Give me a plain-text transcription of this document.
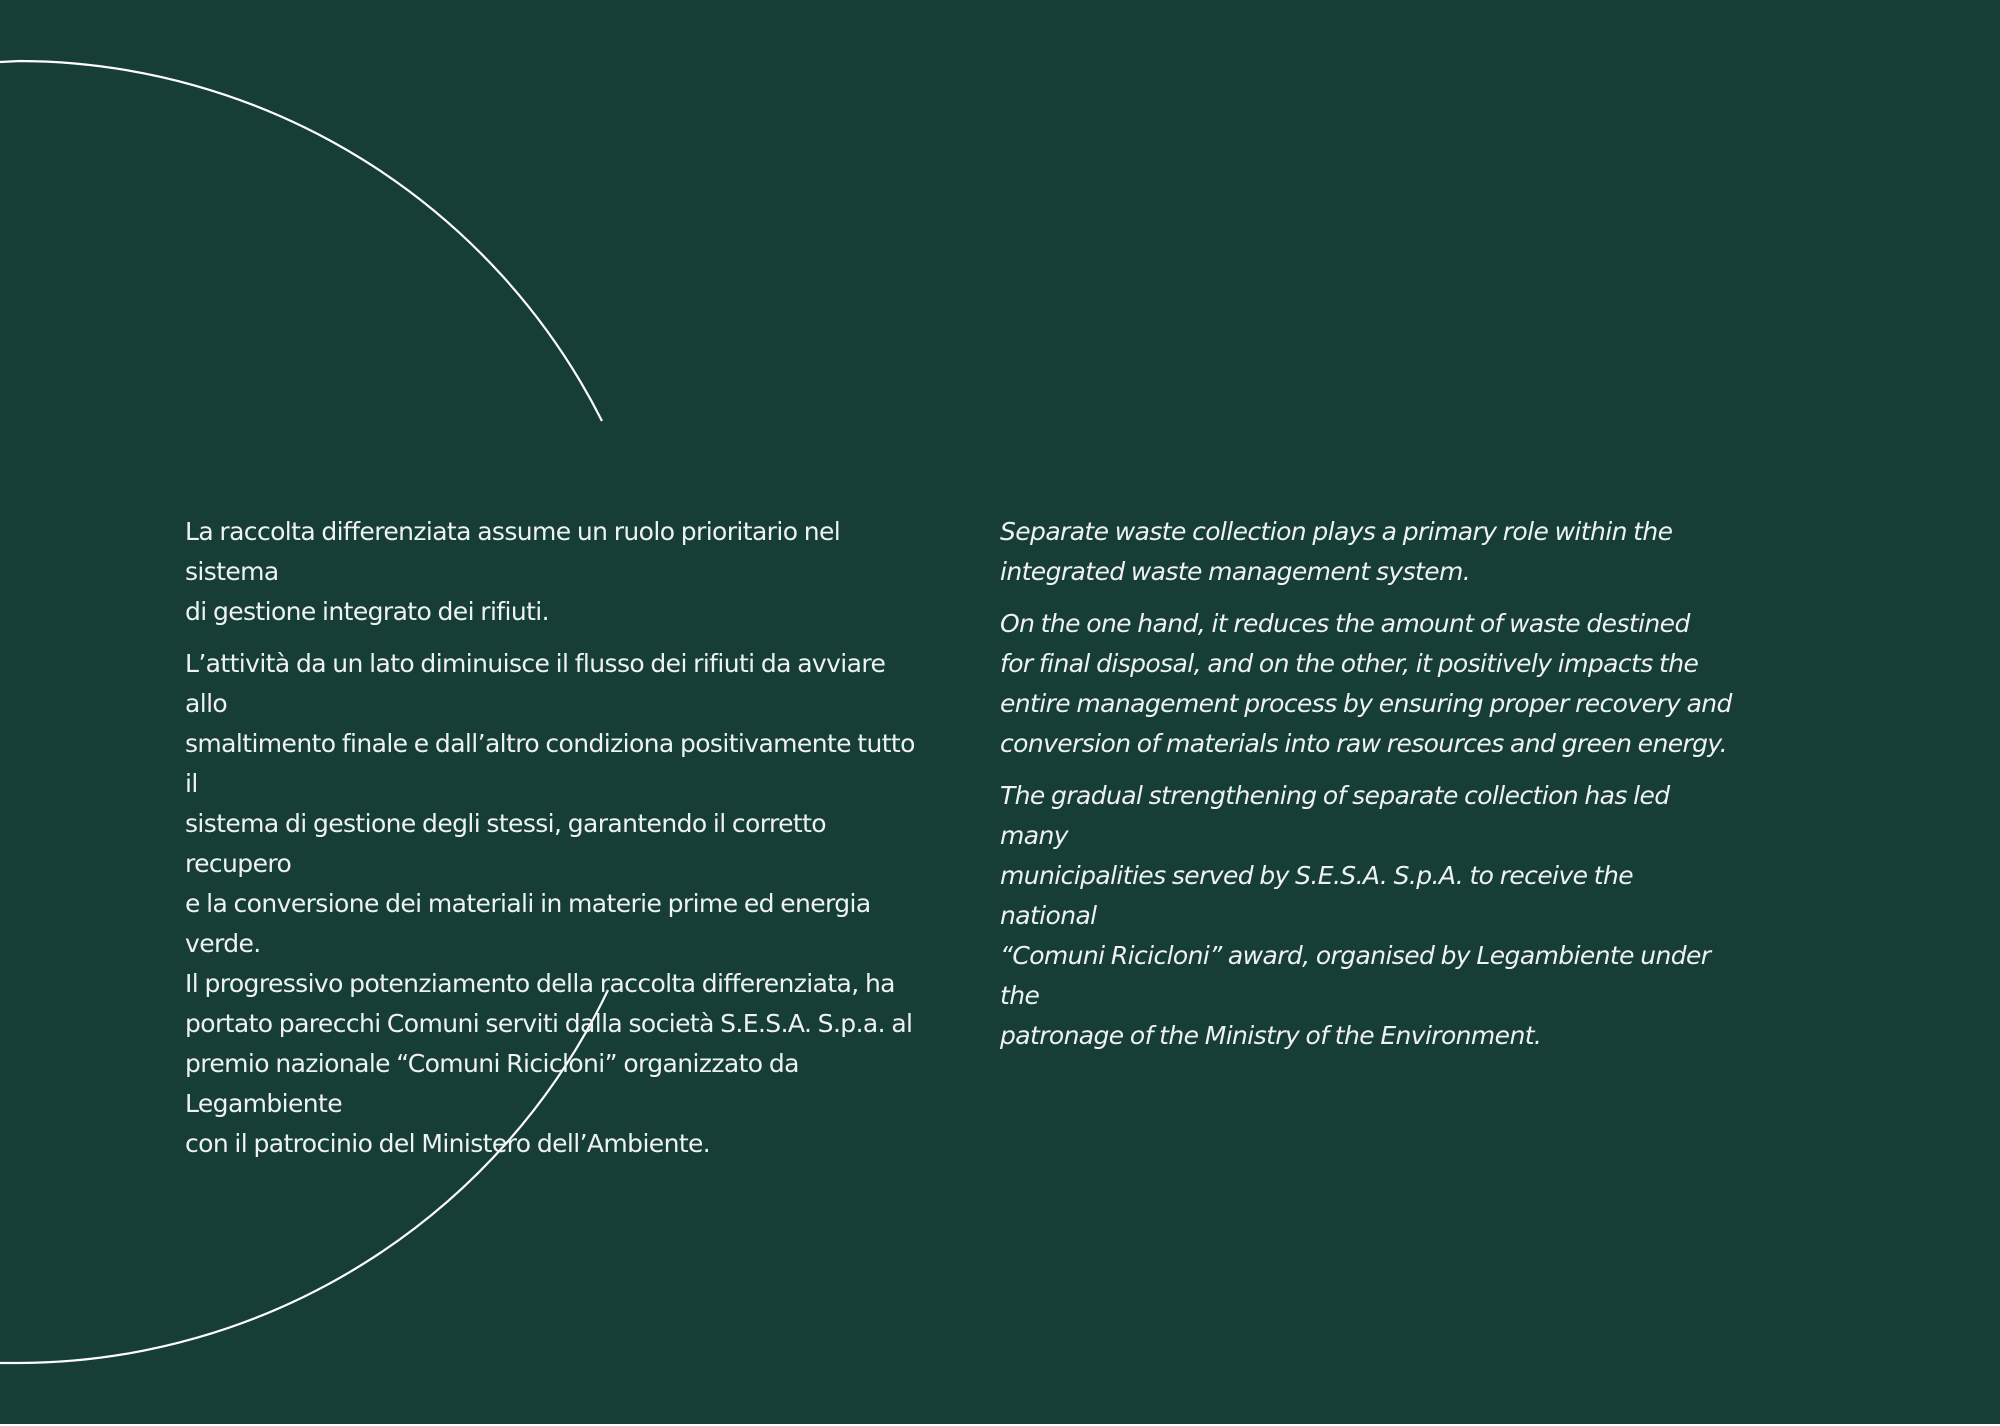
La raccolta differenziata assume un ruolo prioritario nel sistema
di gestione integrato dei rifiuti.

L’attività da un lato diminuisce il flusso dei rifiuti da avviare allo
smaltimento finale e dall’altro condiziona positivamente tutto il
sistema di gestione degli stessi, garantendo il corretto recupero
e la conversione dei materiali in materie prime ed energia verde.
Il progressivo potenziamento della raccolta differenziata, ha
portato parecchi Comuni serviti dalla società S.E.S.A. S.p.a. al
premio nazionale “Comuni Ricicloni” organizzato da Legambiente
con il patrocinio del Ministero dell’Ambiente.

Separate waste collection plays a primary role within the
integrated waste management system.

On the one hand, it reduces the amount of waste destined
for final disposal, and on the other, it positively impacts the
entire management process by ensuring proper recovery and
conversion of materials into raw resources and green energy.

The gradual strengthening of separate collection has led many
municipalities served by S.E.S.A. S.p.A. to receive the national
“Comuni Ricicloni” award, organised by Legambiente under the
patronage of the Ministry of the Environment.
